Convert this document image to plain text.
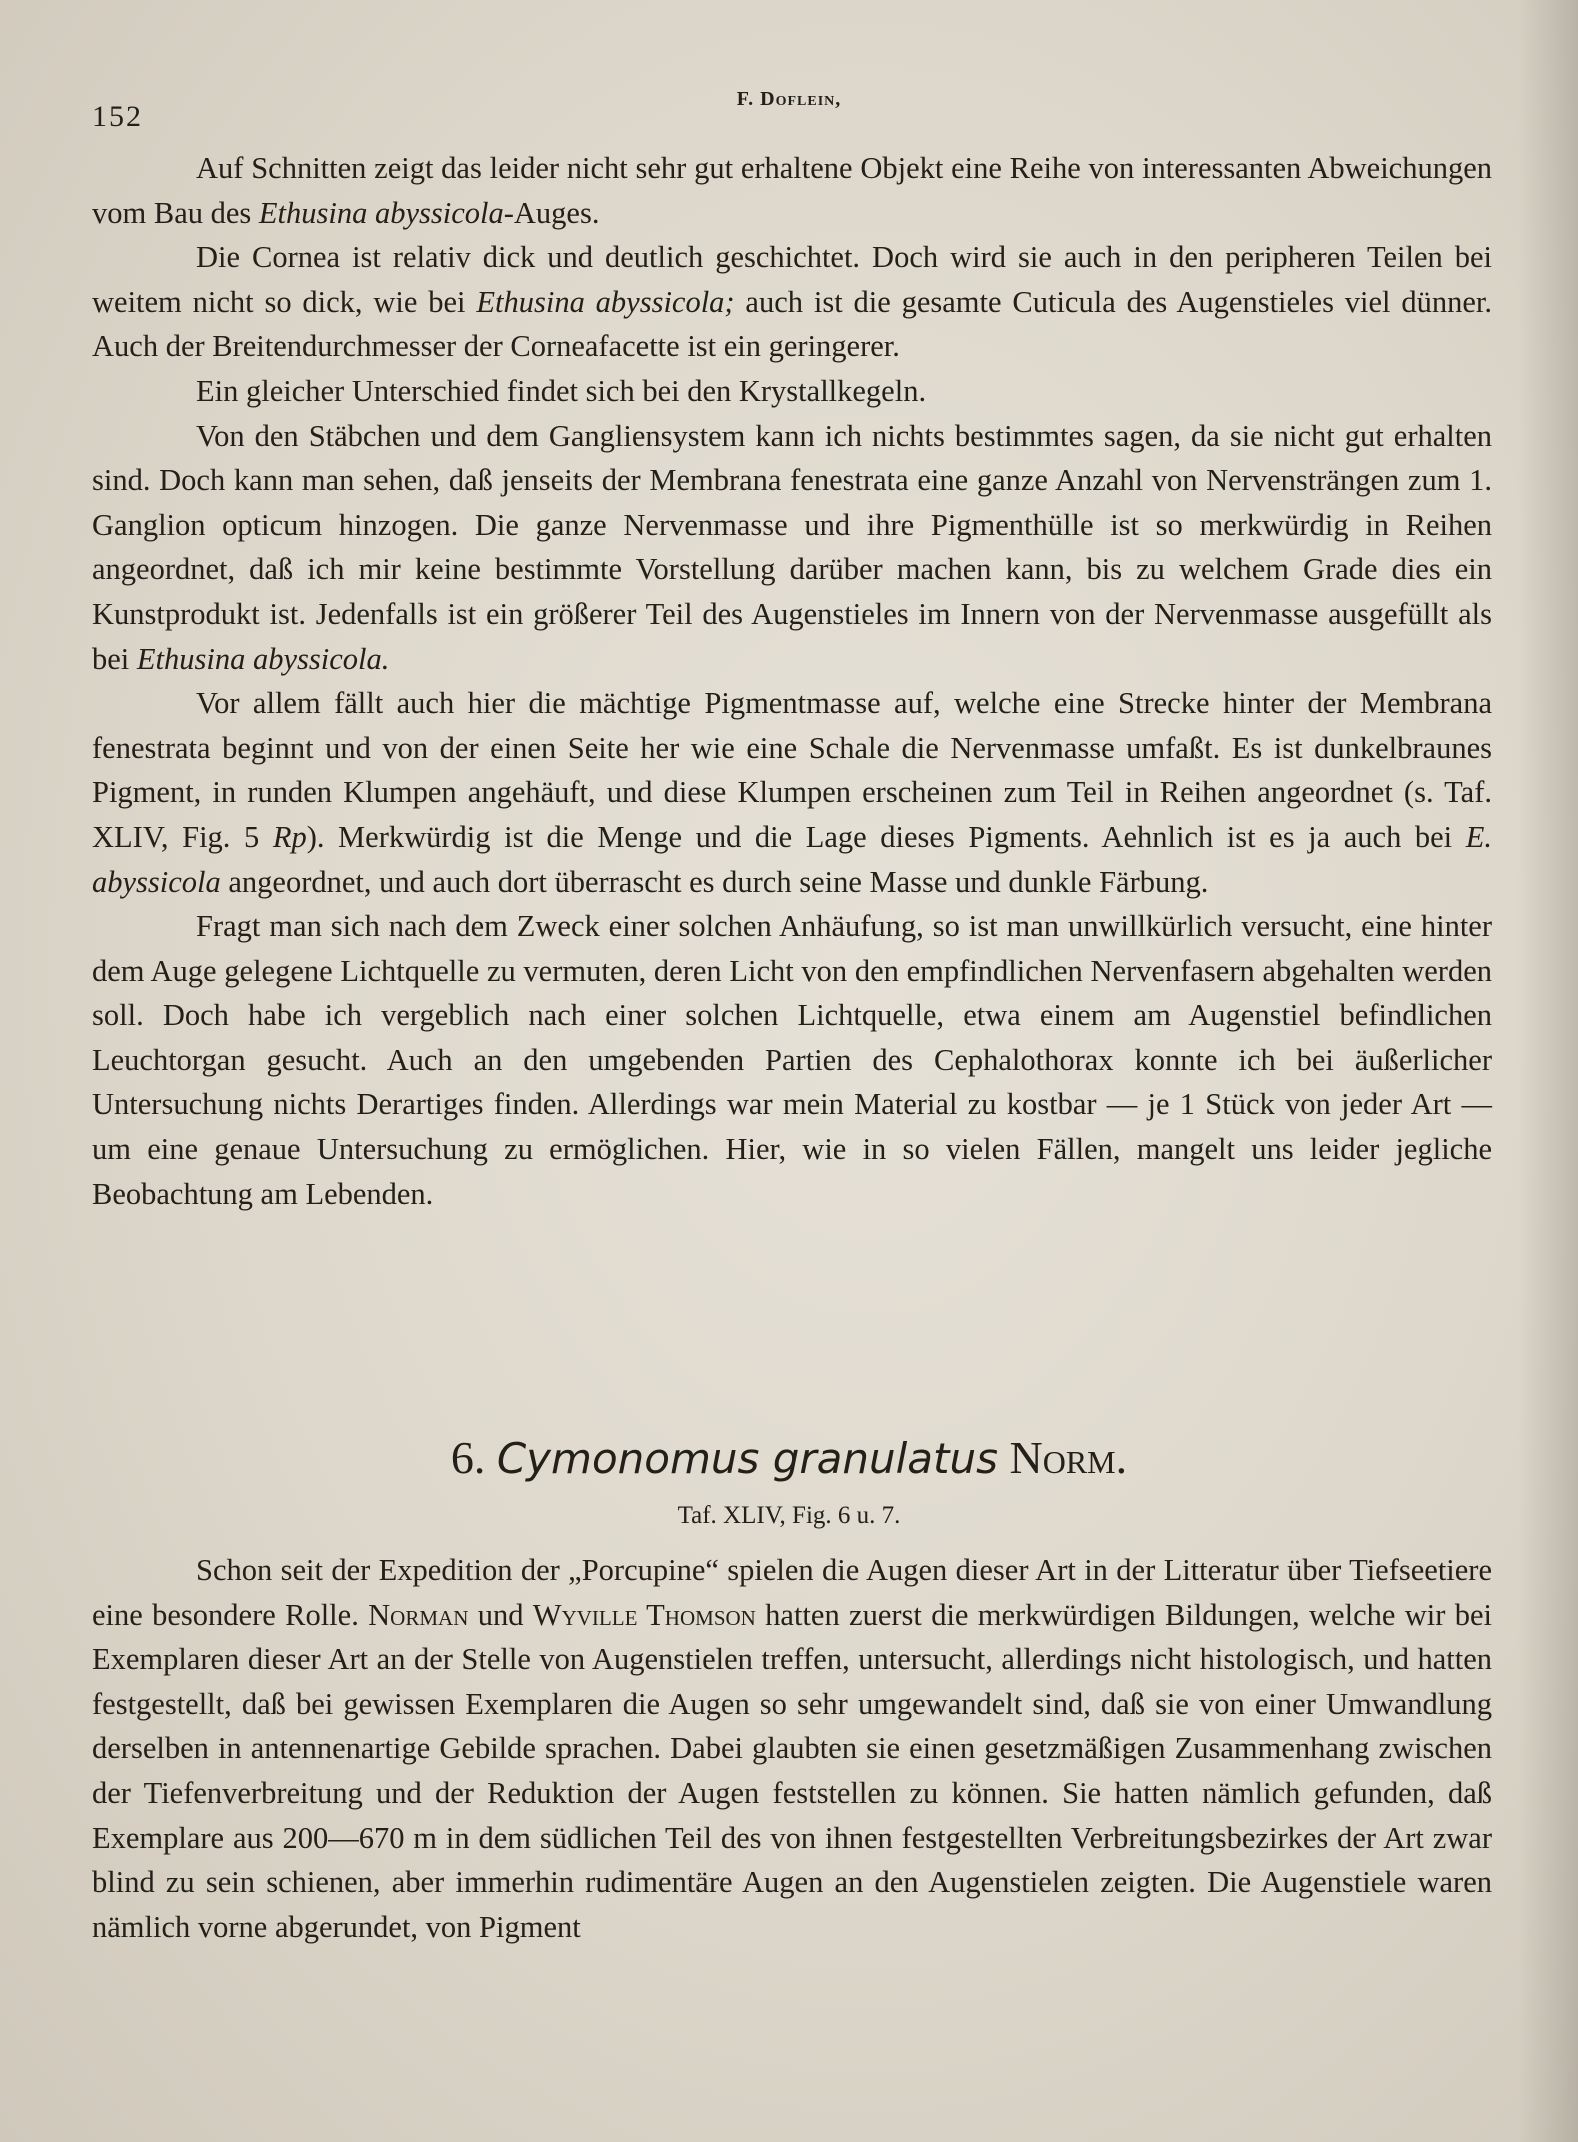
152
F. Doflein,

Auf Schnitten zeigt das leider nicht sehr gut erhaltene Objekt eine Reihe von interessanten Abweichungen vom Bau des Ethusina abyssicola-Auges.

Die Cornea ist relativ dick und deutlich geschichtet. Doch wird sie auch in den peripheren Teilen bei weitem nicht so dick, wie bei Ethusina abyssicola; auch ist die gesamte Cuticula des Augenstieles viel dünner. Auch der Breitendurchmesser der Corneafacette ist ein geringerer.

Ein gleicher Unterschied findet sich bei den Krystallkegeln.

Von den Stäbchen und dem Gangliensystem kann ich nichts bestimmtes sagen, da sie nicht gut erhalten sind. Doch kann man sehen, daß jenseits der Membrana fenestrata eine ganze Anzahl von Nervensträngen zum 1. Ganglion opticum hinzogen. Die ganze Nervenmasse und ihre Pigmenthülle ist so merkwürdig in Reihen angeordnet, daß ich mir keine bestimmte Vorstellung darüber machen kann, bis zu welchem Grade dies ein Kunstprodukt ist. Jedenfalls ist ein größerer Teil des Augenstieles im Innern von der Nervenmasse ausgefüllt als bei Ethusina abyssicola.

Vor allem fällt auch hier die mächtige Pigmentmasse auf, welche eine Strecke hinter der Membrana fenestrata beginnt und von der einen Seite her wie eine Schale die Nervenmasse umfaßt. Es ist dunkelbraunes Pigment, in runden Klumpen angehäuft, und diese Klumpen erscheinen zum Teil in Reihen angeordnet (s. Taf. XLIV, Fig. 5 Rp). Merkwürdig ist die Menge und die Lage dieses Pigments. Aehnlich ist es ja auch bei E. abyssicola angeordnet, und auch dort überrascht es durch seine Masse und dunkle Färbung.

Fragt man sich nach dem Zweck einer solchen Anhäufung, so ist man unwillkürlich versucht, eine hinter dem Auge gelegene Lichtquelle zu vermuten, deren Licht von den empfindlichen Nervenfasern abgehalten werden soll. Doch habe ich vergeblich nach einer solchen Lichtquelle, etwa einem am Augenstiel befindlichen Leuchtorgan gesucht. Auch an den umgebenden Partien des Cephalothorax konnte ich bei äußerlicher Untersuchung nichts Derartiges finden. Allerdings war mein Material zu kostbar — je 1 Stück von jeder Art — um eine genaue Untersuchung zu ermöglichen. Hier, wie in so vielen Fällen, mangelt uns leider jegliche Beobachtung am Lebenden.

6. Cymonomus granulatus Norm.
Taf. XLIV, Fig. 6 u. 7.

Schon seit der Expedition der „Porcupine“ spielen die Augen dieser Art in der Litteratur über Tiefseetiere eine besondere Rolle. Norman und Wyville Thomson hatten zuerst die merkwürdigen Bildungen, welche wir bei Exemplaren dieser Art an der Stelle von Augenstielen treffen, untersucht, allerdings nicht histologisch, und hatten festgestellt, daß bei gewissen Exemplaren die Augen so sehr umgewandelt sind, daß sie von einer Umwandlung derselben in antennenartige Gebilde sprachen. Dabei glaubten sie einen gesetzmäßigen Zusammenhang zwischen der Tiefenverbreitung und der Reduktion der Augen feststellen zu können. Sie hatten nämlich gefunden, daß Exemplare aus 200—670 m in dem südlichen Teil des von ihnen festgestellten Verbreitungsbezirkes der Art zwar blind zu sein schienen, aber immerhin rudimentäre Augen an den Augenstielen zeigten. Die Augenstiele waren nämlich vorne abgerundet, von Pigment
